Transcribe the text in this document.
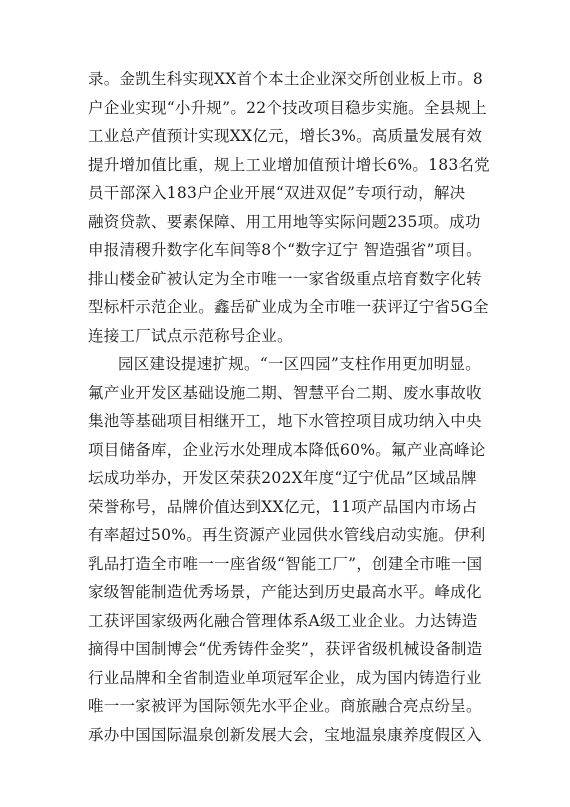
录。金凯生科实现XX首个本土企业深交所创业板上市。8
户企业实现“小升规”。22个技改项目稳步实施。全县规上
工业总产值预计实现XX亿元，增长3%。高质量发展有效
提升增加值比重，规上工业增加值预计增长6%。183名党
员干部深入183户企业开展“双进双促”专项行动，解决
融资贷款、要素保障、用工用地等实际问题235项。成功
申报清稷升数字化车间等8个“数字辽宁 智造强省”项目。
排山楼金矿被认定为全市唯一一家省级重点培育数字化转
型标杆示范企业。鑫岳矿业成为全市唯一获评辽宁省5G全
连接工厂试点示范称号企业。
园区建设提速扩规。“一区四园”支柱作用更加明显。
氟产业开发区基础设施二期、智慧平台二期、废水事故收
集池等基础项目相继开工，地下水管控项目成功纳入中央
项目储备库，企业污水处理成本降低60%。氟产业高峰论
坛成功举办，开发区荣获202X年度“辽宁优品”区域品牌
荣誉称号，品牌价值达到XX亿元，11项产品国内市场占
有率超过50%。再生资源产业园供水管线启动实施。伊利
乳品打造全市唯一一座省级“智能工厂”，创建全市唯一国
家级智能制造优秀场景，产能达到历史最高水平。峰成化
工获评国家级两化融合管理体系A级工业企业。力达铸造
摘得中国制博会“优秀铸件金奖”，获评省级机械设备制造
行业品牌和全省制造业单项冠军企业，成为国内铸造行业
唯一一家被评为国际领先水平企业。商旅融合亮点纷呈。
承办中国国际温泉创新发展大会，宝地温泉康养度假区入
